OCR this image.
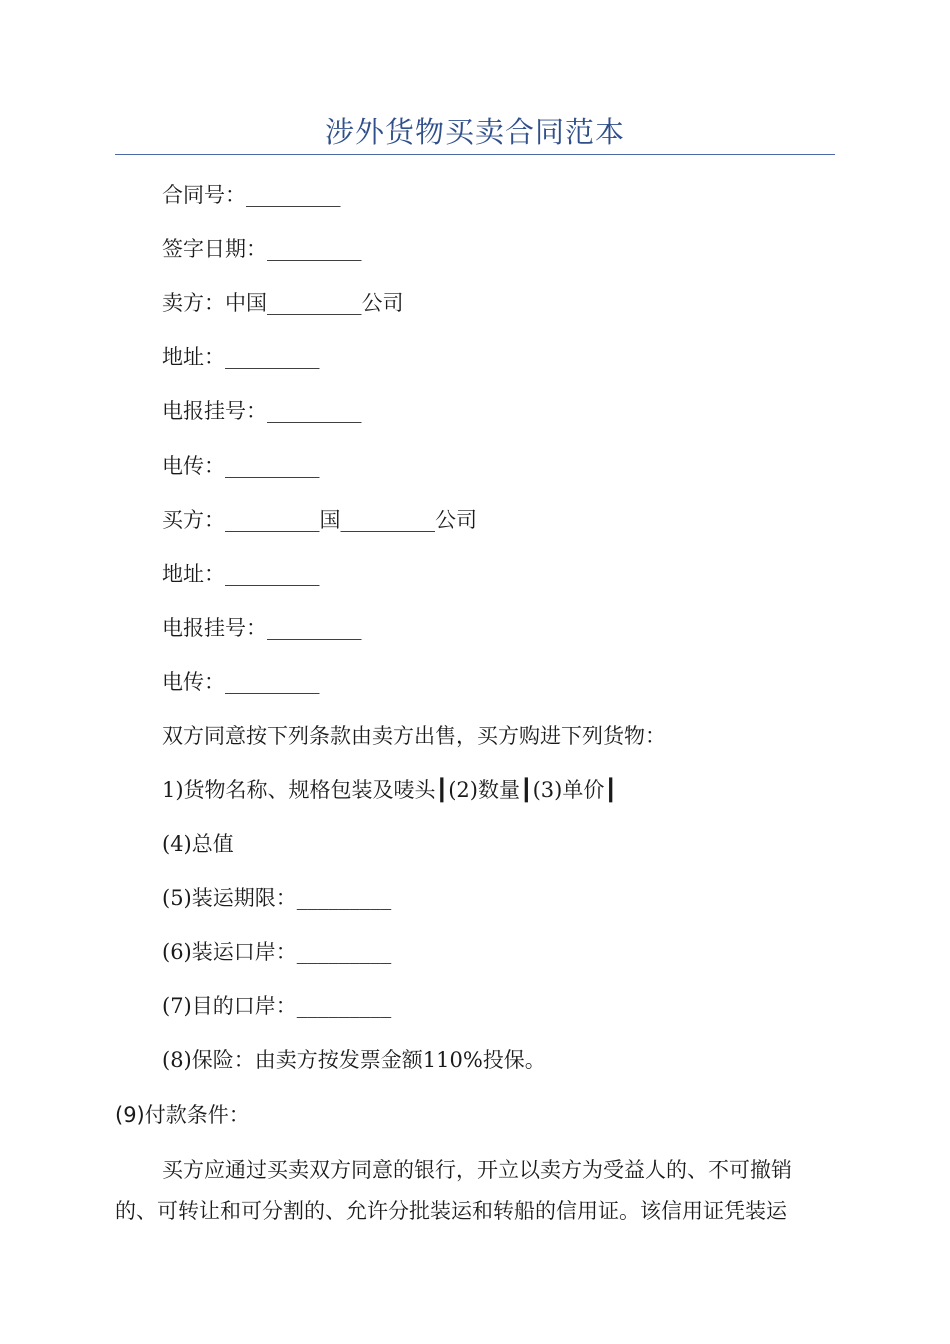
涉外货物买卖合同范本
合同号：_________
签字日期：_________
卖方：中国_________公司
地址：_________
电报挂号：_________
电传：_________
买方：_________国_________公司
地址：_________
电报挂号：_________
电传：_________
双方同意按下列条款由卖方出售，买方购进下列货物：
1)货物名称、规格包装及唛头┃(2)数量┃(3)单价┃
(4)总值
(5)装运期限：_________
(6)装运口岸：_________
(7)目的口岸：_________
(8)保险：由卖方按发票金额110%投保。
(9)付款条件：
买方应通过买卖双方同意的银行，开立以卖方为受益人的、不可撤销
的、可转让和可分割的、允许分批装运和转船的信用证。该信用证凭装运
